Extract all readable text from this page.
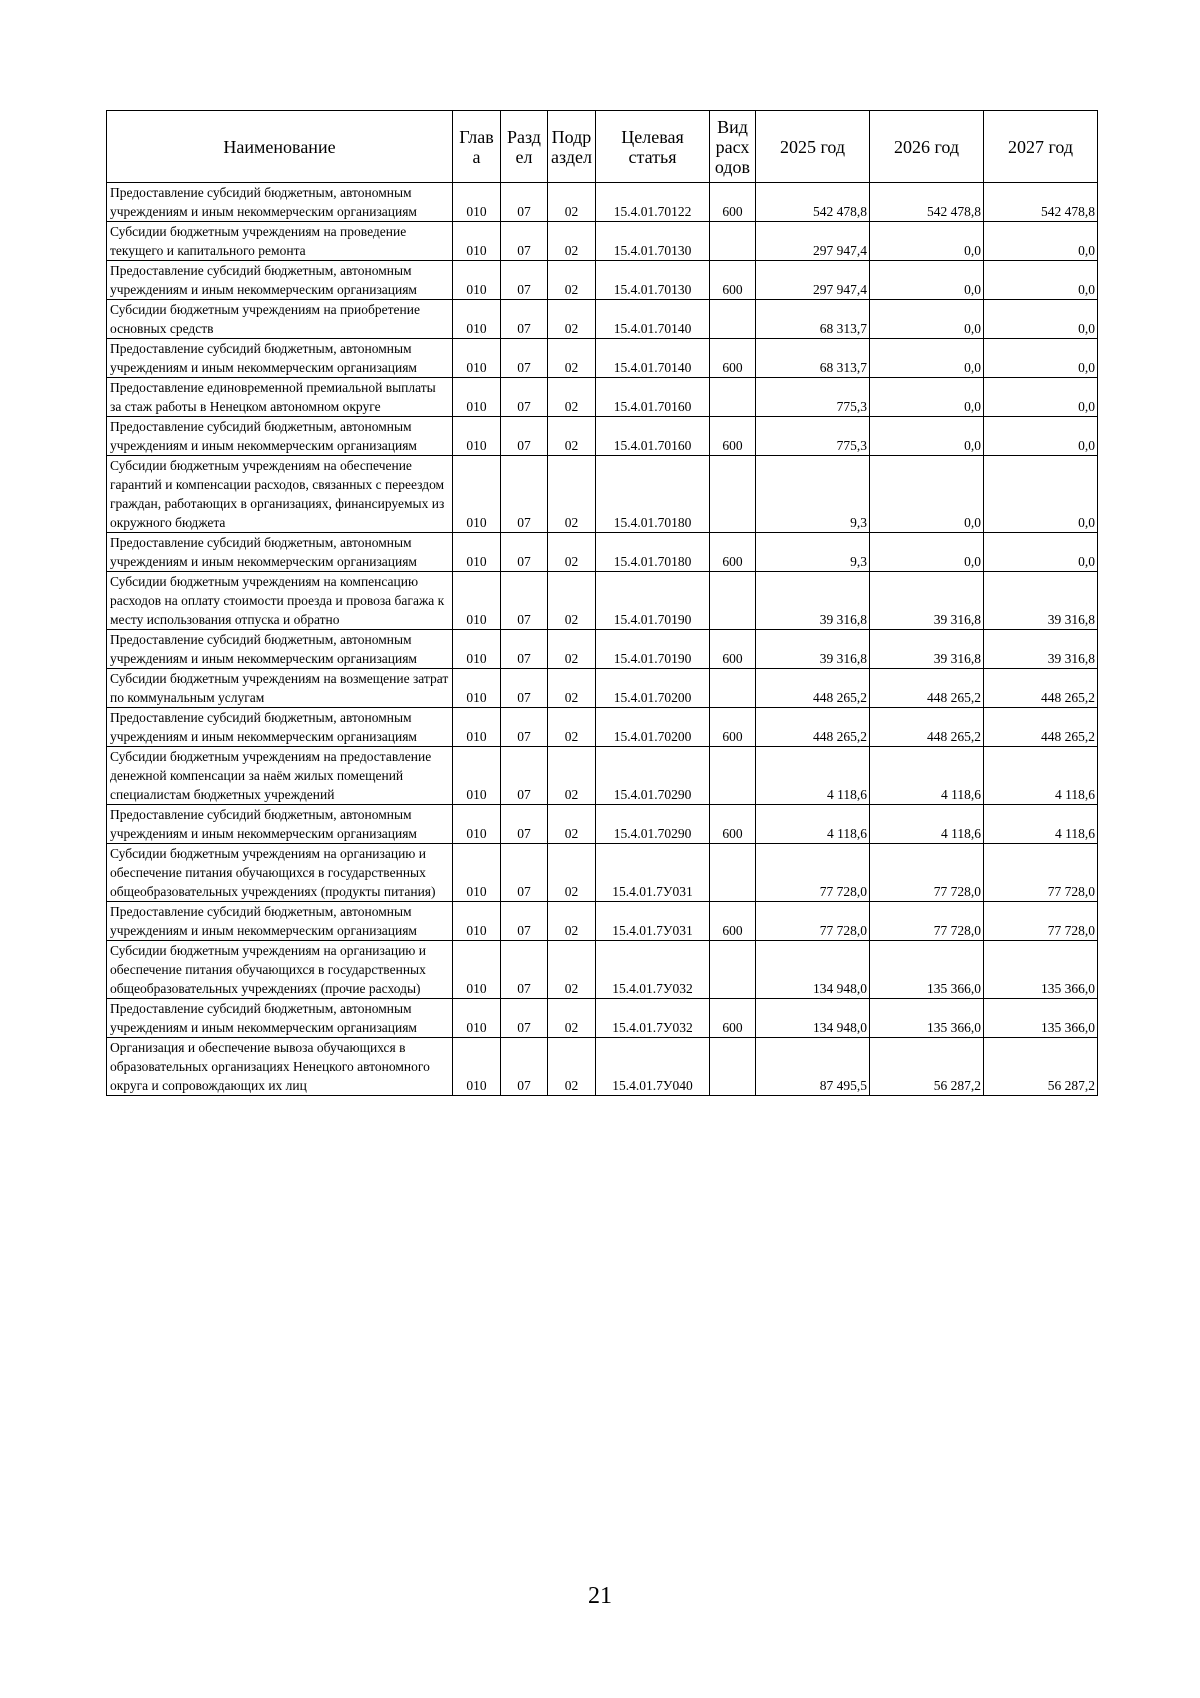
Наименование	Глав а	Разд ел	Подр аздел	Целевая статья	Вид расх одов	2025 год	2026 год	2027 год
Предоставление субсидий бюджетным, автономным учреждениям и иным некоммерческим организациям	010	07	02	15.4.01.70122	600	542 478,8	542 478,8	542 478,8
Субсидии бюджетным учреждениям на проведение текущего и капитального ремонта	010	07	02	15.4.01.70130		297 947,4	0,0	0,0
Предоставление субсидий бюджетным, автономным учреждениям и иным некоммерческим организациям	010	07	02	15.4.01.70130	600	297 947,4	0,0	0,0
Субсидии бюджетным учреждениям на приобретение основных средств	010	07	02	15.4.01.70140		68 313,7	0,0	0,0
Предоставление субсидий бюджетным, автономным учреждениям и иным некоммерческим организациям	010	07	02	15.4.01.70140	600	68 313,7	0,0	0,0
Предоставление единовременной премиальной выплаты за стаж работы в Ненецком автономном округе	010	07	02	15.4.01.70160		775,3	0,0	0,0
Предоставление субсидий бюджетным, автономным учреждениям и иным некоммерческим организациям	010	07	02	15.4.01.70160	600	775,3	0,0	0,0
Субсидии бюджетным учреждениям на обеспечение гарантий и компенсации расходов, связанных с переездом граждан, работающих в организациях, финансируемых из окружного бюджета	010	07	02	15.4.01.70180		9,3	0,0	0,0
Предоставление субсидий бюджетным, автономным учреждениям и иным некоммерческим организациям	010	07	02	15.4.01.70180	600	9,3	0,0	0,0
Субсидии бюджетным учреждениям на компенсацию расходов на оплату стоимости проезда и провоза багажа к месту использования отпуска и обратно	010	07	02	15.4.01.70190		39 316,8	39 316,8	39 316,8
Предоставление субсидий бюджетным, автономным учреждениям и иным некоммерческим организациям	010	07	02	15.4.01.70190	600	39 316,8	39 316,8	39 316,8
Субсидии бюджетным учреждениям на возмещение затрат по коммунальным услугам	010	07	02	15.4.01.70200		448 265,2	448 265,2	448 265,2
Предоставление субсидий бюджетным, автономным учреждениям и иным некоммерческим организациям	010	07	02	15.4.01.70200	600	448 265,2	448 265,2	448 265,2
Субсидии бюджетным учреждениям на предоставление денежной компенсации за наём жилых помещений специалистам бюджетных учреждений	010	07	02	15.4.01.70290		4 118,6	4 118,6	4 118,6
Предоставление субсидий бюджетным, автономным учреждениям и иным некоммерческим организациям	010	07	02	15.4.01.70290	600	4 118,6	4 118,6	4 118,6
Субсидии бюджетным учреждениям на организацию и обеспечение питания обучающихся в государственных общеобразовательных учреждениях (продукты питания)	010	07	02	15.4.01.7У031		77 728,0	77 728,0	77 728,0
Предоставление субсидий бюджетным, автономным учреждениям и иным некоммерческим организациям	010	07	02	15.4.01.7У031	600	77 728,0	77 728,0	77 728,0
Субсидии бюджетным учреждениям на организацию и обеспечение питания обучающихся в государственных общеобразовательных учреждениях (прочие расходы)	010	07	02	15.4.01.7У032		134 948,0	135 366,0	135 366,0
Предоставление субсидий бюджетным, автономным учреждениям и иным некоммерческим организациям	010	07	02	15.4.01.7У032	600	134 948,0	135 366,0	135 366,0
Организация и обеспечение вывоза обучающихся в образовательных организациях Ненецкого автономного округа и сопровождающих их лиц	010	07	02	15.4.01.7У040		87 495,5	56 287,2	56 287,2
21
